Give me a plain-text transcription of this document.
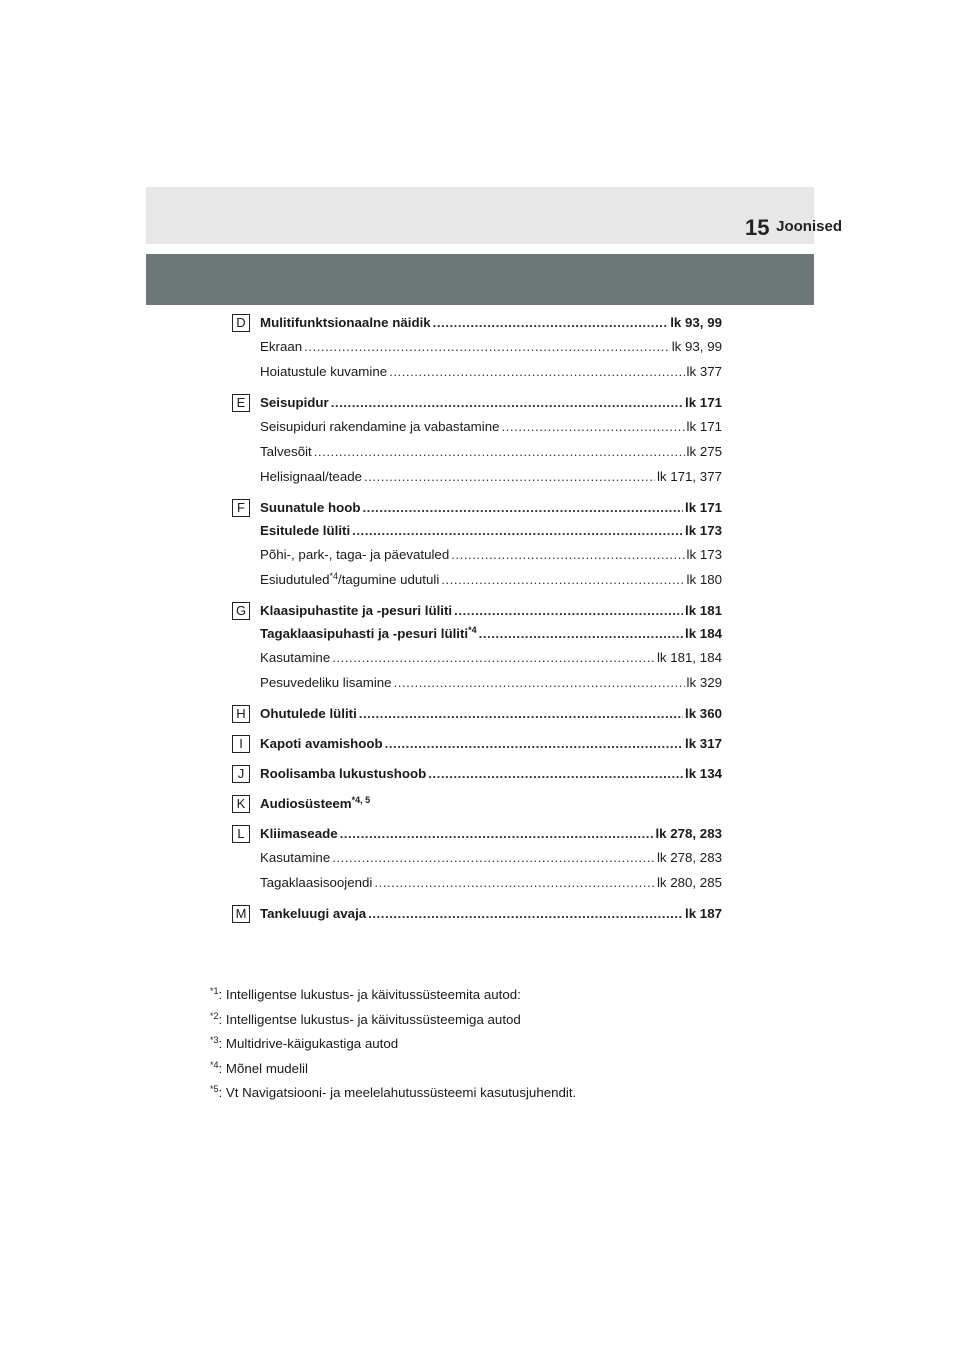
Joonised
15
D	Mulitifunktsionaalne näidik .....	lk 93, 99
Ekraan .....	lk 93, 99
Hoiatustule kuvamine .....	lk 377
E	Seisupidur .....	lk 171
Seisupiduri rakendamine ja vabastamine .....	lk 171
Talvesõit .....	lk 275
Helisignaal/teade .....	lk 171, 377
F	Suunatule hoob .....	lk 171
Esitulede lüliti .....	lk 173
Põhi-, park-, taga- ja päevatuled .....	lk 173
Esiudutuled$^{*4}$/tagumine udutuli .....	lk 180
G Klaasipuhastite ja -pesuri lüliti .....	lk 181
Tagaklaasipuhasti ja -pesuri lüliti$^{*4}$ .....	lk 184
Kasutamine .....	lk 181, 184
Pesuvedeliku lisamine .....	lk 329
H	Ohutulede lüliti .....	lk 360
I	Kapoti avamishoob .....	lk 317
J	Roolisamba lukustushoob .....	lk 134
K	Audiosüsteem$^{*4, 5}$
L	Kliimaseade .....	lk 278, 283
Kasutamine .....	lk 278, 283
Tagaklaasisoojendi .....	lk 280, 285
M Tankeluugi avaja .....	lk 187
$^{*1}$: Intelligentse lukustus- ja käivitussüsteemita autod:
$^{*2}$: Intelligentse lukustus- ja käivitussüsteemiga autod
$^{*3}$: Multidrive-käigukastiga autod
$^{*4}$: Mõnel mudelil
$^{*5}$: Vt Navigatsiooni- ja meelelahutussüsteemi kasutusjuhendit.
